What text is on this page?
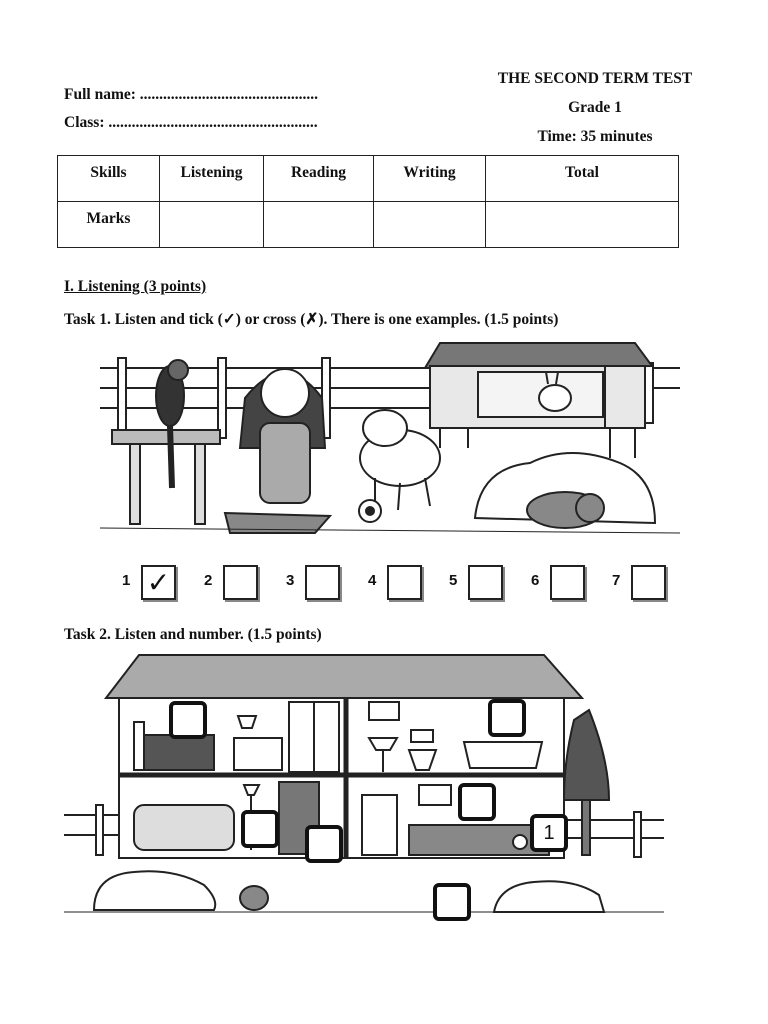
Full name: ..............................................
Class: ......................................................
THE SECOND TERM TEST
Grade 1
Time: 35 minutes
Skills	Listening	Reading	Writing	Total
Marks				
I. Listening (3 points)
Task 1. Listen and tick (✓) or cross (✗). There is one examples. (1.5 points)
1 ✓	2	3	4	5	6	7
Task 2. Listen and number. (1.5 points)
1
